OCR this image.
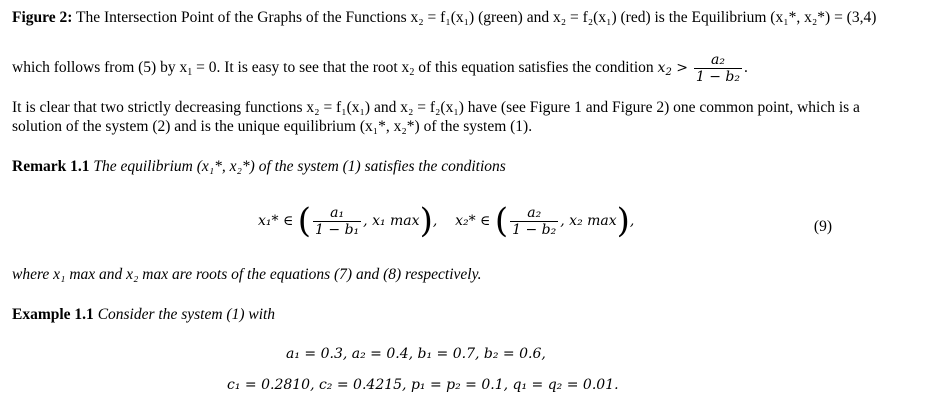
Figure 2: The Intersection Point of the Graphs of the Functions x₂ = f₁(x₁) (green) and x₂ = f₂(x₁) (red) is the Equilibrium (x₁*, x₂*) = (3,4)
which follows from (5) by $x_1 = 0$. It is easy to see that the root $x_2$ of this equation satisfies the condition $x_2 > \frac{\text{a₂}}{\text{1 − b₂}}$ .
It is clear that two strictly decreasing functions x₂ = f₁(x₁) and x₂ = f₂(x₁) have (see Figure 1 and Figure 2) one common point, which is a
solution of the system (2) and is the unique equilibrium (x₁*, x₂*) of the system (1).
Remark 1.1 The equilibrium (x₁*, x₂*) of the system (1) satisfies the conditions
x₁* ∈ ( $\frac{\text{a₁}}{\text{1 − b₁}}$ , x₁ max),    x₂* ∈ ( $\frac{\text{a₂}}{\text{1 − b₂}}$ , x₂ max),	(9)
where x₁ max and x₂ max are roots of the equations (7) and (8) respectively.
Example 1.1 Consider the system (1) with
a₁ = 0.3, a₂ = 0.4, b₁ = 0.7, b₂ = 0.6,
c₁ = 0.2810, c₂ = 0.4215, p₁ = p₂ = 0.1, q₁ = q₂ = 0.01.
